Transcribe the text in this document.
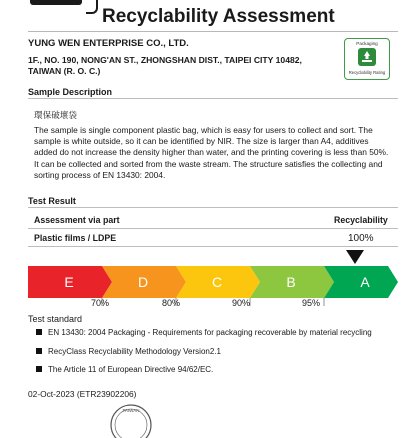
Recyclability Assessment
YUNG WEN ENTERPRISE CO., LTD.
1F., NO. 190, NONG'AN ST., ZHONGSHAN DIST., TAIPEI CITY 10482,
TAIWAN (R. O. C.)
Packaging
Recyclability Rating
Sample Description
環保破壞袋
The sample is single component plastic bag, which is easy for users to collect and sort. The sample is white outside, so it can be identified by NIR. The size is larger than A4, additives added do not increase the density higher than water, and the printing covering is less than 50%. It can be collected and sorted from the waste stream. The structure satisfies the collecting and sorting process of EN 13430: 2004.
Test Result
Assessment via part	Recyclability
Plastic films / LDPE	100%
E	D	C	B	A
70%	80%	90%	95%
Test standard
EN 13430: 2004 Packaging - Requirements for packaging recoverable by material recycling
RecyClass Recyclability Methodology Version2.1
The Article 11 of European Directive 94/62/EC.
02-Oct-2023 (ETR23902206)
TAIWAN
